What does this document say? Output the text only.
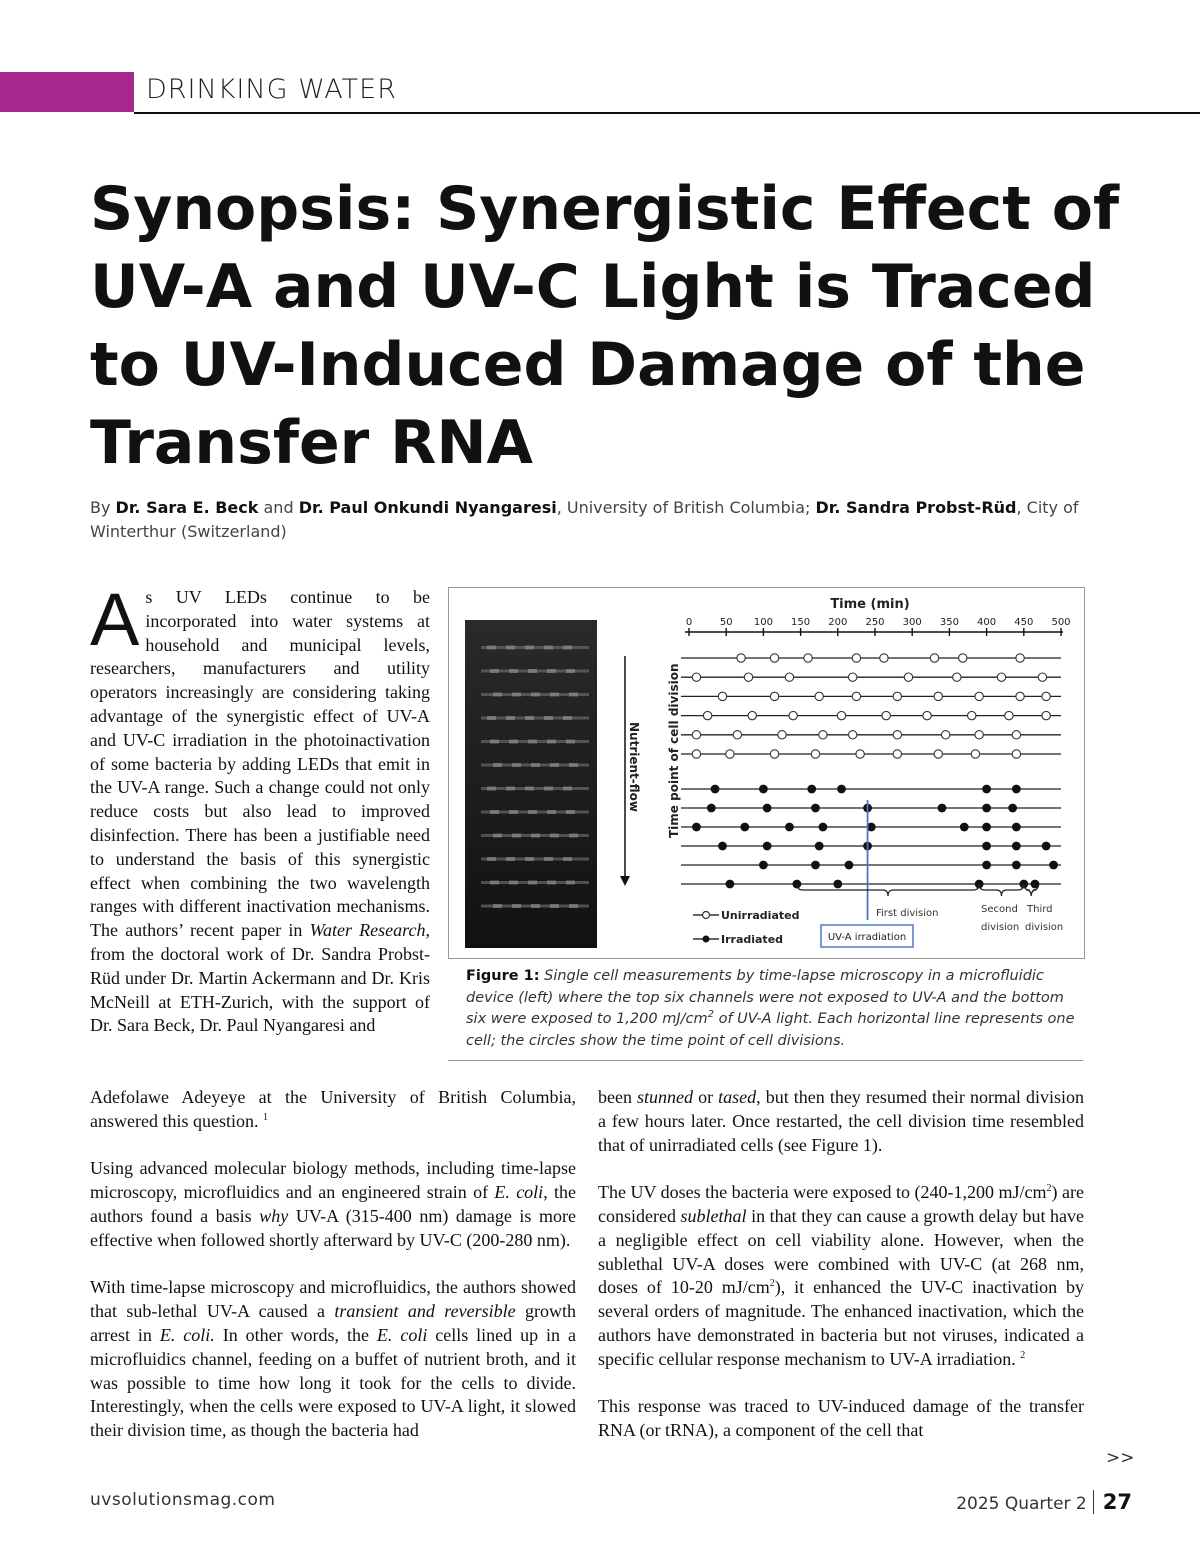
DRINKING WATER
Synopsis: Synergistic Effect of UV-A and UV-C Light is Traced to UV-Induced Damage of the Transfer RNA
By Dr. Sara E. Beck and Dr. Paul Onkundi Nyangaresi, University of British Columbia; Dr. Sandra Probst-Rüd, City of Winterthur (Switzerland)
As UV LEDs continue to be incorporated into water systems at household and municipal levels, researchers, manufacturers and utility operators increasingly are considering taking advantage of the synergistic effect of UV-A and UV-C irradiation in the photoinactivation of some bacteria by adding LEDs that emit in the UV-A range. Such a change could not only reduce costs but also lead to improved disinfection. There has been a justifiable need to understand the basis of this synergistic effect when combining the two wavelength ranges with different inactivation mechanisms. The authors’ recent paper in Water Research, from the doctoral work of Dr. Sandra Probst-Rüd under Dr. Martin Ackermann and Dr. Kris McNeill at ETH-Zurich, with the support of Dr. Sara Beck, Dr. Paul Nyangaresi and

Adefolawe Adeyeye at the University of British Columbia, answered this question. $^1$

Using advanced molecular biology methods, including time-lapse microscopy, microfluidics and an engineered strain of E. coli, the authors found a basis why UV-A (315-400 nm) damage is more effective when followed shortly afterward by UV-C (200-280 nm).

With time-lapse microscopy and microfluidics, the authors showed that sub-lethal UV-A caused a transient and reversible growth arrest in E. coli. In other words, the E. coli cells lined up in a microfluidics channel, feeding on a buffet of nutrient broth, and it was possible to time how long it took for the cells to divide. Interestingly, when the cells were exposed to UV-A light, it slowed their division time, as though the bacteria had

been stunned or tased, but then they resumed their normal division a few hours later. Once restarted, the cell division time resembled that of unirradiated cells (see Figure 1).

The UV doses the bacteria were exposed to (240-1,200 $mJ/cm^2$) are considered sublethal in that they can cause a growth delay but have a negligible effect on cell viability alone. However, when the sublethal UV-A doses were combined with UV-C (at 268 nm, doses of 10-20 $mJ/cm^2$), it enhanced the UV-C inactivation by several orders of magnitude. The enhanced inactivation, which the authors have demonstrated in bacteria but not viruses, indicated a specific cellular response mechanism to UV-A irradiation. $^2$

This response was traced to UV-induced damage of the transfer RNA (or tRNA), a component of the cell that

Nutrient-flow Time point of cell division
Time (min)
0	50 100 150 200 250 300 350 400 450 500
First division	Second
division
Third
division
UV-A irradiation
Unirradiated
Irradiated
Figure 1: Single cell measurements by time-lapse microscopy in a microfluidic device (left) where the top six channels were not exposed to UV-A and the bottom six were exposed to 1,200 $mJ/cm^2$ of UV-A light. Each horizontal line represents one cell; the circles show the time point of cell divisions.
>>
uvsolutionsmag.com	2025 Quarter 2 27
